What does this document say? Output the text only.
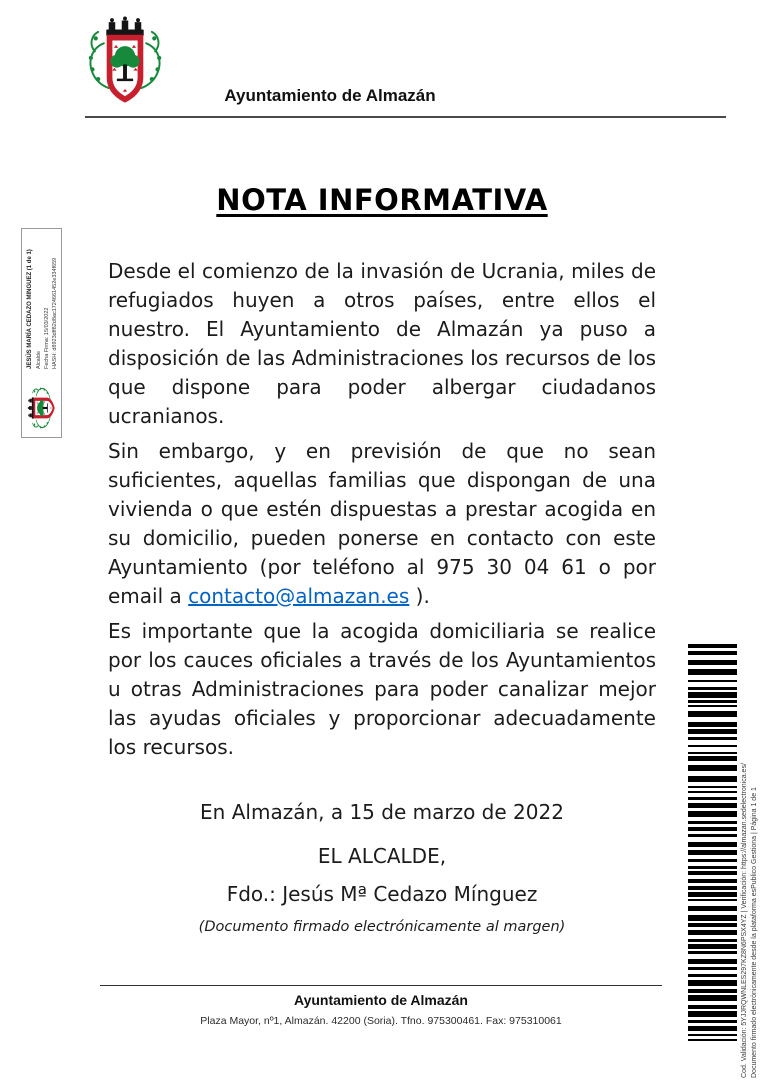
Ayuntamiento de Almazán
JESÚS MARÍA CEDAZO MINGUEZ (1 de 1) Alcalde Fecha Firma: 15/03/2022 HASH: d8923dff82d8ac1724661452e334f659
NOTA INFORMATIVA

Desde el comienzo de la invasión de Ucrania, miles de refugiados huyen a otros países, entre ellos el nuestro. El Ayuntamiento de Almazán ya puso a disposición de las Administraciones los recursos de los que dispone para poder albergar ciudadanos ucranianos.

Sin embargo, y en previsión de que no sean suficientes, aquellas familias que dispongan de una vivienda o que estén dispuestas a prestar acogida en su domicilio, pueden ponerse en contacto con este Ayuntamiento (por teléfono al 975 30 04 61 o por email a contacto@almazan.es ).

Es importante que la acogida domiciliaria se realice por los cauces oficiales a través de los Ayuntamientos u otras Administraciones para poder canalizar mejor las ayudas oficiales y proporcionar adecuadamente los recursos.

En Almazán, a 15 de marzo de 2022
EL ALCALDE,
Fdo.: Jesús Mª Cedazo Mínguez
(Documento firmado electrónicamente al margen)
Ayuntamiento de Almazán
Plaza Mayor, nº1, Almazán. 42200 (Soria). Tfno. 975300461. Fax: 975310061	Cod. Validación: 5YJJRQWNLES297KZ8N6PSX4YZ | Verificación: https://almazan.sedelectronica.es/ Documento firmado electrónicamente desde la plataforma esPublico Gestiona | Página 1 de 1
